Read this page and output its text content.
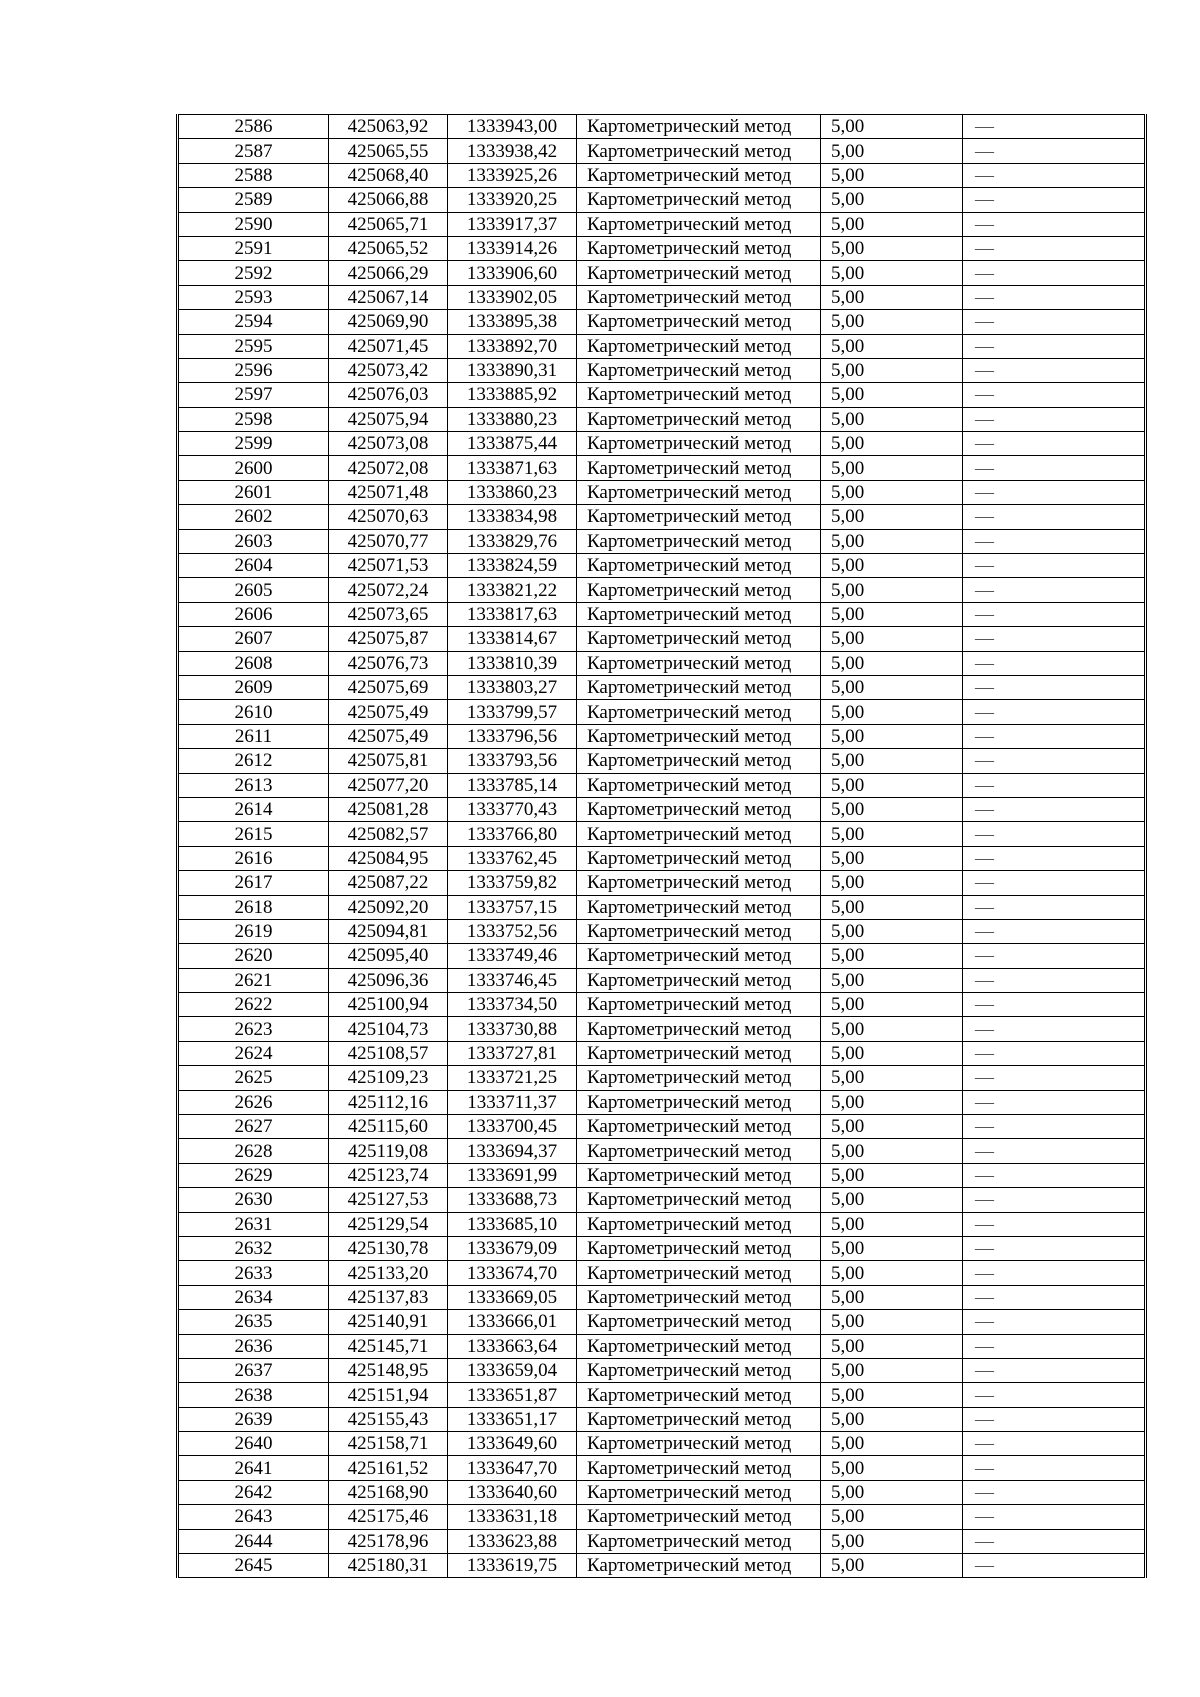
2586	425063,92	1333943,00	Картометрический метод	5,00	—
2587	425065,55	1333938,42	Картометрический метод	5,00	—
2588	425068,40	1333925,26	Картометрический метод	5,00	—
2589	425066,88	1333920,25	Картометрический метод	5,00	—
2590	425065,71	1333917,37	Картометрический метод	5,00	—
2591	425065,52	1333914,26	Картометрический метод	5,00	—
2592	425066,29	1333906,60	Картометрический метод	5,00	—
2593	425067,14	1333902,05	Картометрический метод	5,00	—
2594	425069,90	1333895,38	Картометрический метод	5,00	—
2595	425071,45	1333892,70	Картометрический метод	5,00	—
2596	425073,42	1333890,31	Картометрический метод	5,00	—
2597	425076,03	1333885,92	Картометрический метод	5,00	—
2598	425075,94	1333880,23	Картометрический метод	5,00	—
2599	425073,08	1333875,44	Картометрический метод	5,00	—
2600	425072,08	1333871,63	Картометрический метод	5,00	—
2601	425071,48	1333860,23	Картометрический метод	5,00	—
2602	425070,63	1333834,98	Картометрический метод	5,00	—
2603	425070,77	1333829,76	Картометрический метод	5,00	—
2604	425071,53	1333824,59	Картометрический метод	5,00	—
2605	425072,24	1333821,22	Картометрический метод	5,00	—
2606	425073,65	1333817,63	Картометрический метод	5,00	—
2607	425075,87	1333814,67	Картометрический метод	5,00	—
2608	425076,73	1333810,39	Картометрический метод	5,00	—
2609	425075,69	1333803,27	Картометрический метод	5,00	—
2610	425075,49	1333799,57	Картометрический метод	5,00	—
2611	425075,49	1333796,56	Картометрический метод	5,00	—
2612	425075,81	1333793,56	Картометрический метод	5,00	—
2613	425077,20	1333785,14	Картометрический метод	5,00	—
2614	425081,28	1333770,43	Картометрический метод	5,00	—
2615	425082,57	1333766,80	Картометрический метод	5,00	—
2616	425084,95	1333762,45	Картометрический метод	5,00	—
2617	425087,22	1333759,82	Картометрический метод	5,00	—
2618	425092,20	1333757,15	Картометрический метод	5,00	—
2619	425094,81	1333752,56	Картометрический метод	5,00	—
2620	425095,40	1333749,46	Картометрический метод	5,00	—
2621	425096,36	1333746,45	Картометрический метод	5,00	—
2622	425100,94	1333734,50	Картометрический метод	5,00	—
2623	425104,73	1333730,88	Картометрический метод	5,00	—
2624	425108,57	1333727,81	Картометрический метод	5,00	—
2625	425109,23	1333721,25	Картометрический метод	5,00	—
2626	425112,16	1333711,37	Картометрический метод	5,00	—
2627	425115,60	1333700,45	Картометрический метод	5,00	—
2628	425119,08	1333694,37	Картометрический метод	5,00	—
2629	425123,74	1333691,99	Картометрический метод	5,00	—
2630	425127,53	1333688,73	Картометрический метод	5,00	—
2631	425129,54	1333685,10	Картометрический метод	5,00	—
2632	425130,78	1333679,09	Картометрический метод	5,00	—
2633	425133,20	1333674,70	Картометрический метод	5,00	—
2634	425137,83	1333669,05	Картометрический метод	5,00	—
2635	425140,91	1333666,01	Картометрический метод	5,00	—
2636	425145,71	1333663,64	Картометрический метод	5,00	—
2637	425148,95	1333659,04	Картометрический метод	5,00	—
2638	425151,94	1333651,87	Картометрический метод	5,00	—
2639	425155,43	1333651,17	Картометрический метод	5,00	—
2640	425158,71	1333649,60	Картометрический метод	5,00	—
2641	425161,52	1333647,70	Картометрический метод	5,00	—
2642	425168,90	1333640,60	Картометрический метод	5,00	—
2643	425175,46	1333631,18	Картометрический метод	5,00	—
2644	425178,96	1333623,88	Картометрический метод	5,00	—
2645	425180,31	1333619,75	Картометрический метод	5,00	—
